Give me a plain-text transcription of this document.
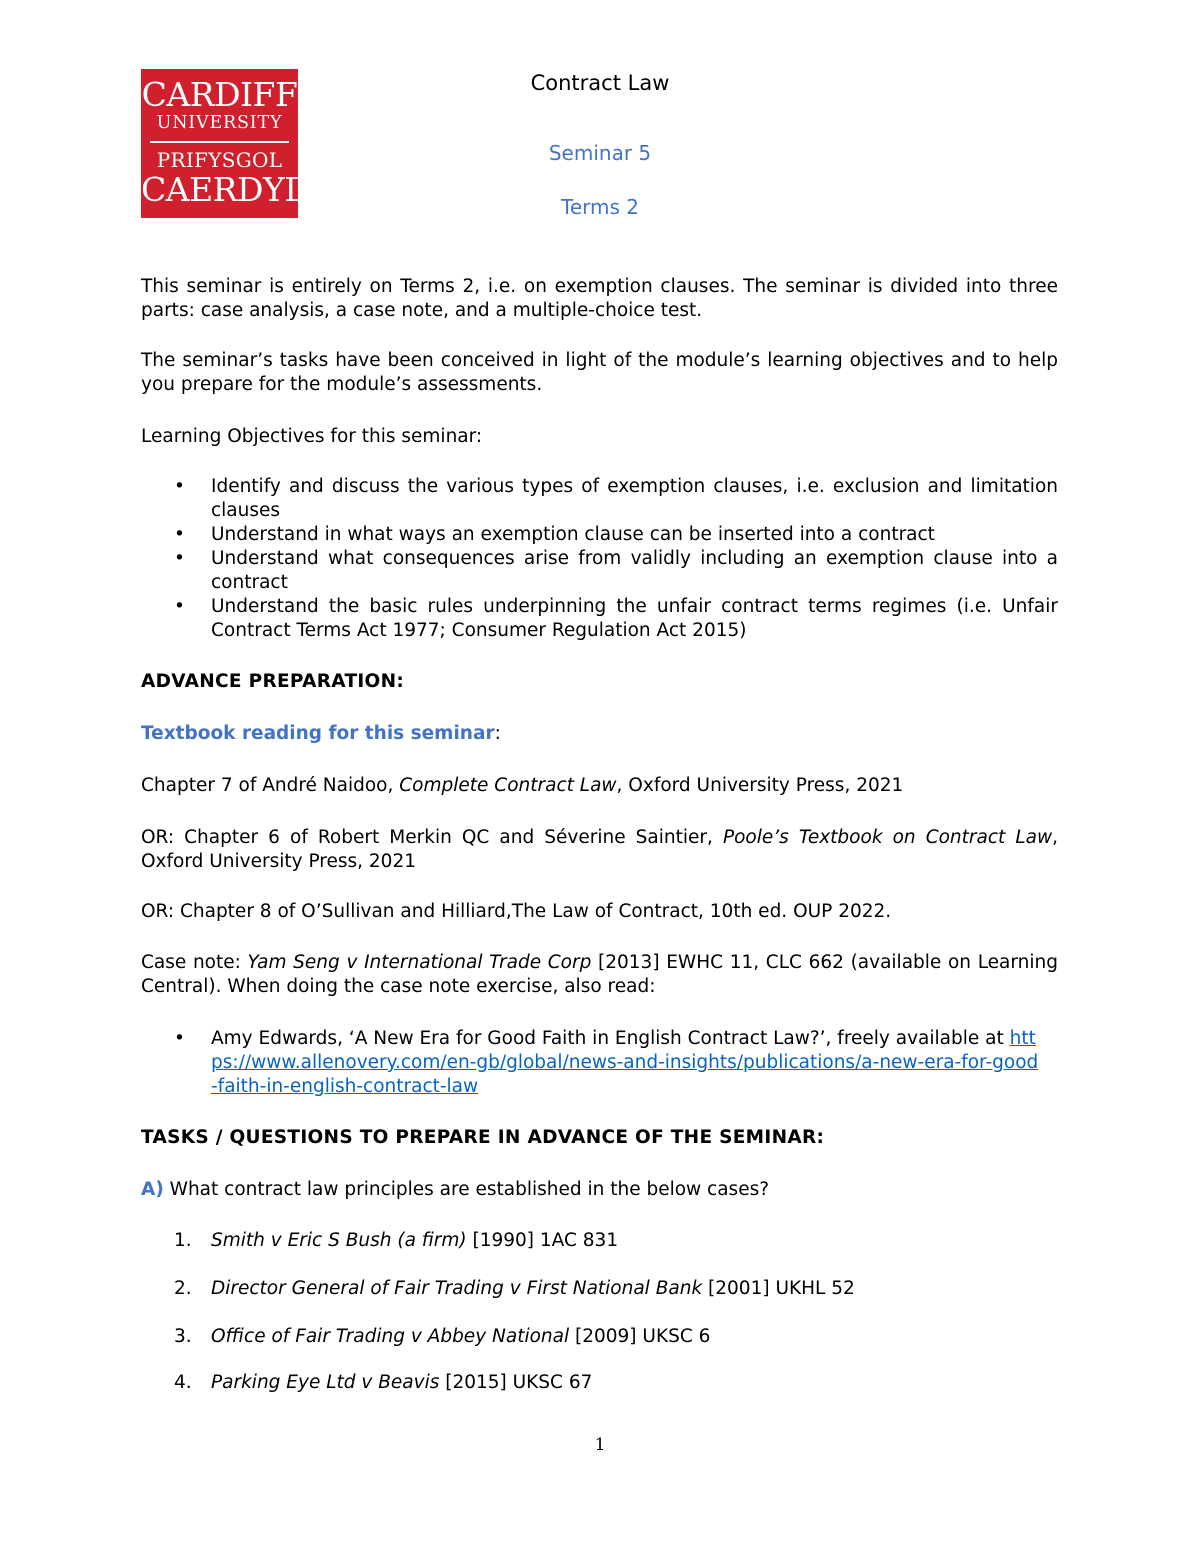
CARDIFF
UNIVERSITY
PRIFYSGOL
CAERDYDD

Contract Law

Seminar 5

Terms 2

This seminar is entirely on Terms 2, i.e. on exemption clauses. The seminar is divided into three parts: case analysis, a case note, and a multiple-choice test.

The seminar’s tasks have been conceived in light of the module’s learning objectives and to help you prepare for the module’s assessments.

Learning Objectives for this seminar:

• Identify and discuss the various types of exemption clauses, i.e. exclusion and limitation clauses
• Understand in what ways an exemption clause can be inserted into a contract
• Understand what consequences arise from validly including an exemption clause into a contract
• Understand the basic rules underpinning the unfair contract terms regimes (i.e. Unfair Contract Terms Act 1977; Consumer Regulation Act 2015)

ADVANCE PREPARATION:

Textbook reading for this seminar:

Chapter 7 of André Naidoo, Complete Contract Law, Oxford University Press, 2021

OR: Chapter 6 of Robert Merkin QC and Séverine Saintier, Poole’s Textbook on Contract Law, Oxford University Press, 2021

OR: Chapter 8 of O’Sullivan and Hilliard,The Law of Contract, 10th ed. OUP 2022.

Case note: Yam Seng v International Trade Corp [2013] EWHC 11, CLC 662 (available on Learning Central). When doing the case note exercise, also read:

• Amy Edwards, ‘A New Era for Good Faith in English Contract Law?’, freely available at https://www.allenovery.com/en-gb/global/news-and-insights/publications/a-new-era-for-good-faith-in-english-contract-law

TASKS / QUESTIONS TO PREPARE IN ADVANCE OF THE SEMINAR:

A) What contract law principles are established in the below cases?

1. Smith v Eric S Bush (a firm) [1990] 1AC 831

2. Director General of Fair Trading v First National Bank [2001] UKHL 52

3. Office of Fair Trading v Abbey National [2009] UKSC 6

4. Parking Eye Ltd v Beavis [2015] UKSC 67

1
